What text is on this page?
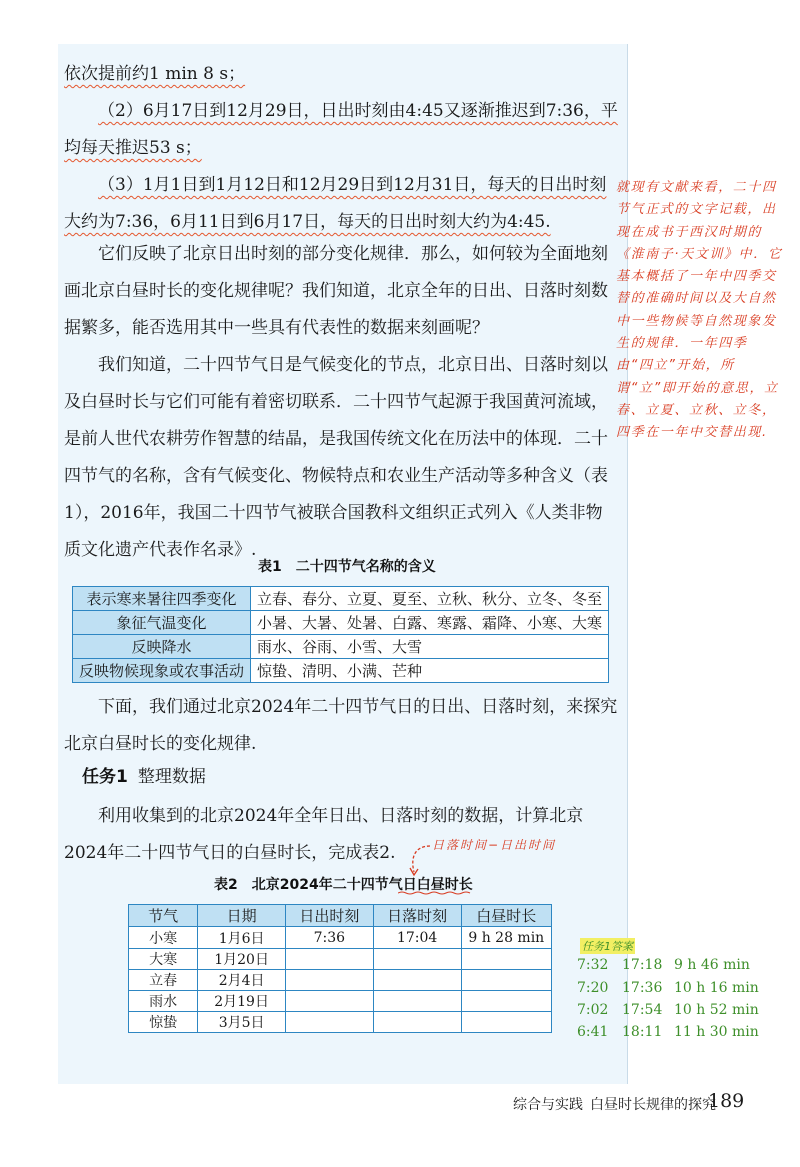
依次提前约1 min 8 s；

（2）6月17日到12月29日，日出时刻由4:45又逐渐推迟到7:36，平均每天推迟53 s；

（3）1月1日到1月12日和12月29日到12月31日，每天的日出时刻大约为7:36，6月11日到6月17日，每天的日出时刻大约为4:45.

它们反映了北京日出时刻的部分变化规律．那么，如何较为全面地刻画北京白昼时长的变化规律呢？我们知道，北京全年的日出、日落时刻数据繁多，能否选用其中一些具有代表性的数据来刻画呢？

我们知道，二十四节气日是气候变化的节点，北京日出、日落时刻以及白昼时长与它们可能有着密切联系．二十四节气起源于我国黄河流域，是前人世代农耕劳作智慧的结晶，是我国传统文化在历法中的体现．二十四节气的名称，含有气候变化、物候特点和农业生产活动等多种含义（表1），2016年，我国二十四节气被联合国教科文组织正式列入《人类非物质文化遗产代表作名录》.

就现有文献来看，二十四节气正式的文字记载，出现在成书于西汉时期的《淮南子·天文训》中．它基本概括了一年中四季交替的准确时间以及大自然中一些物候等自然现象发生的规律．一年四季由“四立”开始，所谓“立”即开始的意思，立春、立夏、立秋、立冬，四季在一年中交替出现.
表1　二十四节气名称的含义
表示寒来暑往四季变化	立春、春分、立夏、夏至、立秋、秋分、立冬、冬至
象征气温变化	小暑、大暑、处暑、白露、寒露、霜降、小寒、大寒
反映降水	雨水、谷雨、小雪、大雪
反映物候现象或农事活动	惊蛰、清明、小满、芒种

下面，我们通过北京2024年二十四节气日的日出、日落时刻，来探究北京白昼时长的变化规律.

任务1 整理数据

利用收集到的北京2024年全年日出、日落时刻的数据，计算北京2024年二十四节气日的白昼时长，完成表2.	日落时间−日出时间
表2　北京2024年二十四节气日白昼时长
节气	日期	日出时刻	日落时刻	白昼时长
小寒	1月6日	7:36	17:04	9 h 28 min
大寒	1月20日			
立春	2月4日			
雨水	2月19日			
惊蛰	3月5日			
任务1答案
7:32 17:18 9 h 46 min
7:20 17:36 10 h 16 min
7:02 17:54 10 h 52 min
6:41 18:11 11 h 30 min
综合与实践 白昼时长规律的探究
189
